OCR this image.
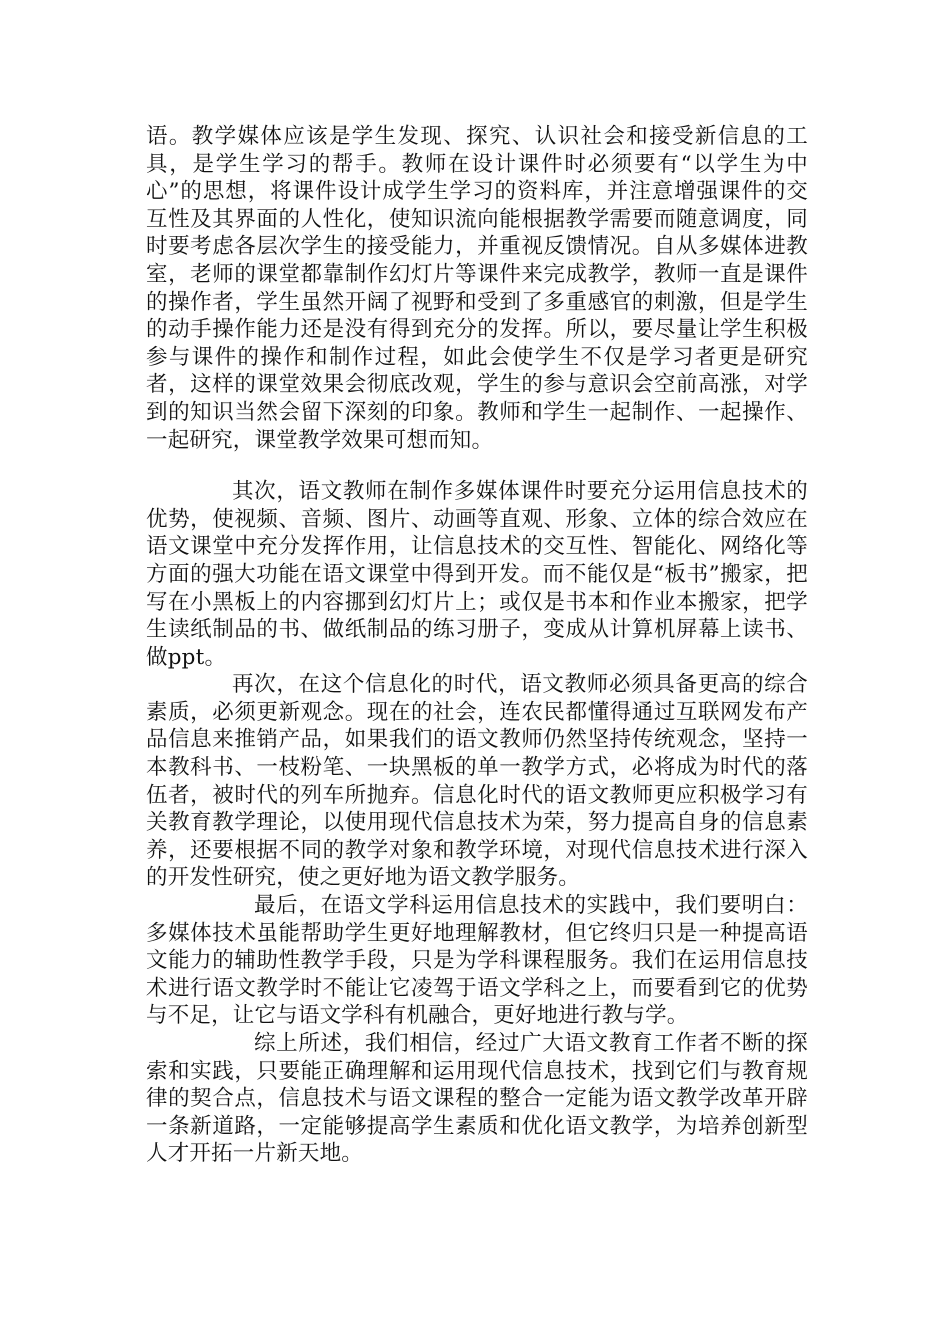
语。教学媒体应该是学生发现、探究、认识社会和接受新信息的工具，是学生学习的帮手。教师在设计课件时必须要有“以学生为中心”的思想，将课件设计成学生学习的资料库，并注意增强课件的交互性及其界面的人性化，使知识流向能根据教学需要而随意调度，同时要考虑各层次学生的接受能力，并重视反馈情况。自从多媒体进教室，老师的课堂都靠制作幻灯片等课件来完成教学，教师一直是课件的操作者，学生虽然开阔了视野和受到了多重感官的刺激，但是学生的动手操作能力还是没有得到充分的发挥。所以，要尽量让学生积极参与课件的操作和制作过程，如此会使学生不仅是学习者更是研究者，这样的课堂效果会彻底改观，学生的参与意识会空前高涨，对学到的知识当然会留下深刻的印象。教师和学生一起制作、一起操作、一起研究，课堂教学效果可想而知。

其次，语文教师在制作多媒体课件时要充分运用信息技术的优势，使视频、音频、图片、动画等直观、形象、立体的综合效应在语文课堂中充分发挥作用，让信息技术的交互性、智能化、网络化等方面的强大功能在语文课堂中得到开发。而不能仅是“板书”搬家，把写在小黑板上的内容挪到幻灯片上；或仅是书本和作业本搬家，把学生读纸制品的书、做纸制品的练习册子，变成从计算机屏幕上读书、做ppt。

再次，在这个信息化的时代，语文教师必须具备更高的综合素质，必须更新观念。现在的社会，连农民都懂得通过互联网发布产品信息来推销产品，如果我们的语文教师仍然坚持传统观念，坚持一本教科书、一枝粉笔、一块黑板的单一教学方式，必将成为时代的落伍者，被时代的列车所抛弃。信息化时代的语文教师更应积极学习有关教育教学理论，以使用现代信息技术为荣，努力提高自身的信息素养，还要根据不同的教学对象和教学环境，对现代信息技术进行深入的开发性研究，使之更好地为语文教学服务。

最后，在语文学科运用信息技术的实践中，我们要明白：多媒体技术虽能帮助学生更好地理解教材，但它终归只是一种提高语文能力的辅助性教学手段，只是为学科课程服务。我们在运用信息技术进行语文教学时不能让它凌驾于语文学科之上，而要看到它的优势与不足，让它与语文学科有机融合，更好地进行教与学。

综上所述，我们相信，经过广大语文教育工作者不断的探索和实践，只要能正确理解和运用现代信息技术，找到它们与教育规律的契合点，信息技术与语文课程的整合一定能为语文教学改革开辟一条新道路，一定能够提高学生素质和优化语文教学，为培养创新型人才开拓一片新天地。
